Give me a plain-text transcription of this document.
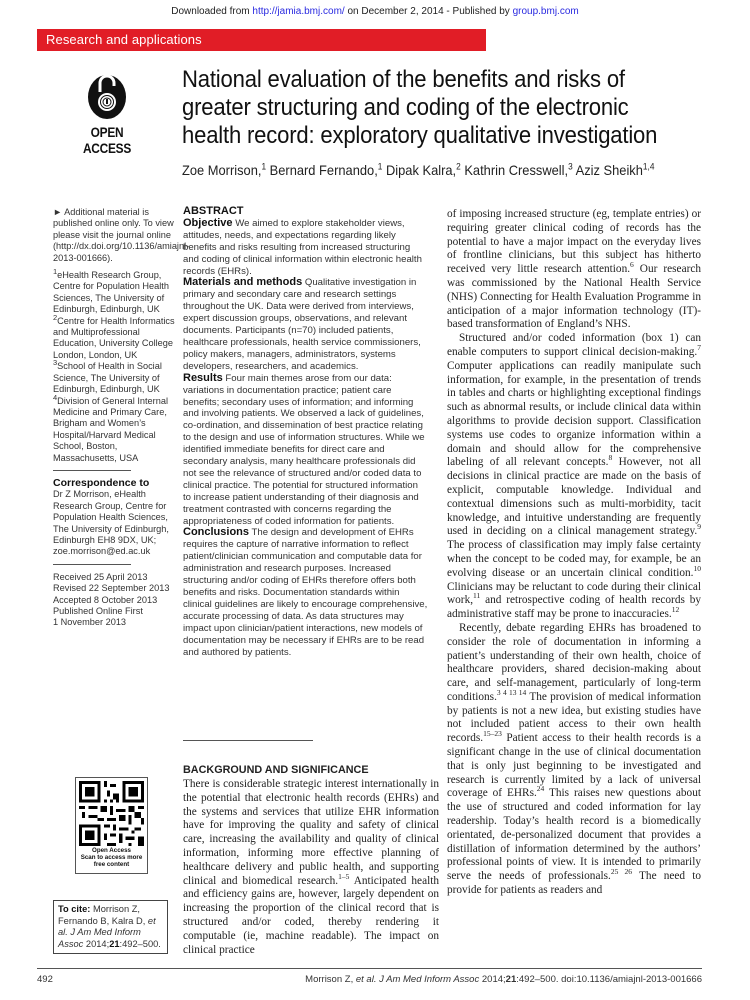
Downloaded from http://jamia.bmj.com/ on December 2, 2014 - Published by group.bmj.com
Research and applications
OPEN ACCESS
National evaluation of the benefits and risks of greater structuring and coding of the electronic health record: exploratory qualitative investigation
Zoe Morrison,$^1$ Bernard Fernando,$^1$ Dipak Kalra,$^2$ Kathrin Cresswell,$^3$ Aziz Sheikh$^{1,4}$

► Additional material is published online only. To view please visit the journal online (http://dx.doi.org/10.1136/amiajnl-2013-001666).

$^1$eHealth Research Group, Centre for Population Health Sciences, The University of Edinburgh, Edinburgh, UK
$^2$Centre for Health Informatics and Multiprofessional Education, University College London, London, UK
$^3$School of Health in Social Science, The University of Edinburgh, Edinburgh, UK
$^4$Division of General Internal Medicine and Primary Care, Brigham and Women’s Hospital/Harvard Medical School, Boston, Massachusetts, USA
Correspondence to
Dr Z Morrison, eHealth Research Group, Centre for Population Health Sciences, The University of Edinburgh, Edinburgh EH8 9DX, UK;
zoe.morrison@ed.ac.uk
Received 25 April 2013
Revised 22 September 2013
Accepted 8 October 2013
Published Online First
1 November 2013
Open Access
Scan to access more
free content
To cite: Morrison Z, Fernando B, Kalra D, et al. J Am Med Inform Assoc 2014;21:492–500.
ABSTRACT
Objective We aimed to explore stakeholder views, attitudes, needs, and expectations regarding likely benefits and risks resulting from increased structuring and coding of clinical information within electronic health records (EHRs).
Materials and methods Qualitative investigation in primary and secondary care and research settings throughout the UK. Data were derived from interviews, expert discussion groups, observations, and relevant documents. Participants (n=70) included patients, healthcare professionals, health service commissioners, policy makers, managers, administrators, systems developers, researchers, and academics.
Results Four main themes arose from our data: variations in documentation practice; patient care benefits; secondary uses of information; and informing and involving patients. We observed a lack of guidelines, co-ordination, and dissemination of best practice relating to the design and use of information structures. While we identified immediate benefits for direct care and secondary analysis, many healthcare professionals did not see the relevance of structured and/or coded data to clinical practice. The potential for structured information to increase patient understanding of their diagnosis and treatment contrasted with concerns regarding the appropriateness of coded information for patients.
Conclusions The design and development of EHRs requires the capture of narrative information to reflect patient/clinician communication and computable data for administration and research purposes. Increased structuring and/or coding of EHRs therefore offers both benefits and risks. Documentation standards within clinical guidelines are likely to encourage comprehensive, accurate processing of data. As data structures may impact upon clinician/patient interactions, new models of documentation may be necessary if EHRs are to be read and authored by patients.
BACKGROUND AND SIGNIFICANCE
There is considerable strategic interest internationally in the potential that electronic health records (EHRs) and the systems and services that utilize EHR information have for improving the quality and safety of clinical care, increasing the availability and quality of clinical information, informing more effective planning of healthcare delivery and public health, and supporting clinical and biomedical research.$^{1-5}$ Anticipated health and efficiency gains are, however, largely dependent on increasing the proportion of the clinical record that is structured and/or coded, thereby rendering it computable (ie, machine readable). The impact on clinical practice

of imposing increased structure (eg, template entries) or requiring greater clinical coding of records has the potential to have a major impact on the everyday lives of frontline clinicians, but this subject has hitherto received very little research attention.$^6$ Our research was commissioned by the National Health Service (NHS) Connecting for Health Evaluation Programme in anticipation of a major information technology (IT)-based transformation of England’s NHS.

Structured and/or coded information (box 1) can enable computers to support clinical decision-making.$^7$ Computer applications can readily manipulate such information, for example, in the presentation of trends in tables and charts or highlighting exceptional findings such as abnormal results, or include clinical data within algorithms to provide decision support. Classification systems use codes to organize information within a domain and should allow for the comprehensive labeling of all relevant concepts.$^8$ However, not all decisions in clinical practice are made on the basis of explicit, computable knowledge. Individual and contextual dimensions such as multi-morbidity, tacit knowledge, and intuitive understanding are frequently used in deciding on a clinical management strategy.$^9$ The process of classification may imply false certainty when the concept to be coded may, for example, be an evolving disease or an uncertain clinical condition.$^{10}$ Clinicians may be reluctant to code during their clinical work,$^{11}$ and retrospective coding of health records by administrative staff may be prone to inaccuracies.$^{12}$

Recently, debate regarding EHRs has broadened to consider the role of documentation in informing a patient’s understanding of their own health, choice of healthcare providers, shared decision-making about care, and self-management, particularly of long-term conditions.$^{3 4 13 14}$ The provision of medical information by patients is not a new idea, but existing studies have not included patient access to their own health records.$^{15-23}$ Patient access to their health records is a significant change in the use of clinical documentation that is only just beginning to be investigated and research is currently limited by a lack of universal coverage of EHRs.$^{24}$ This raises new questions about the use of structured and coded information for lay readership. Today’s health record is a biomedically orientated, de-personalized document that provides a distillation of information determined by the authors’ professional points of view. It is intended to primarily serve the needs of professionals.$^{25 26}$ The need to provide for patients as readers and

492	Morrison Z, et al. J Am Med Inform Assoc 2014;21:492–500. doi:10.1136/amiajnl-2013-001666
